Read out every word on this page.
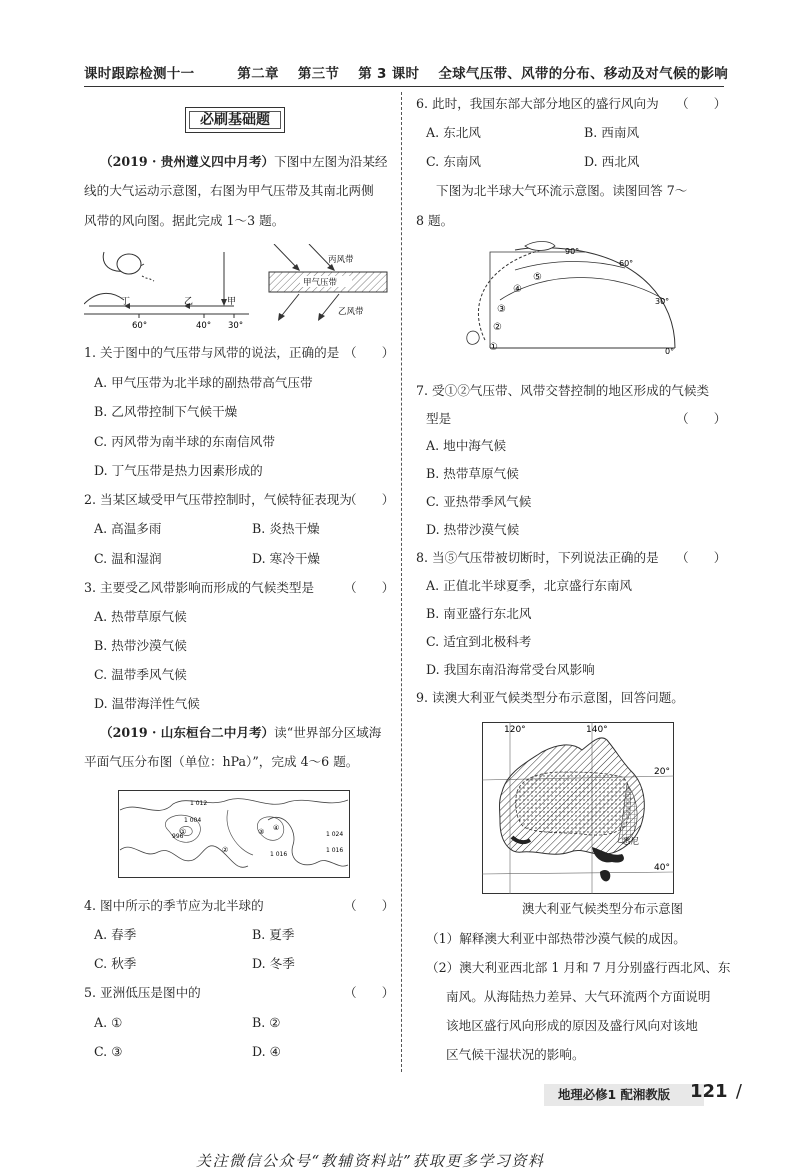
课时跟踪检测十一	第二章 第三节 第 3 课时 全球气压带、风带的分布、移动及对气候的影响
必刷基础题
（2019 · 贵州遵义四中月考）下图中左图为沿某经
线的大气运动示意图，右图为甲气压带及其南北两侧
风带的风向图。据此完成 1～3 题。
丁	乙	甲
60°	40° 30°
甲气压带
丙风带
乙风带
1. 关于图中的气压带与风带的说法，正确的是 （　　）
A. 甲气压带为北半球的副热带高气压带
B. 乙风带控制下气候干燥
C. 丙风带为南半球的东南信风带
D. 丁气压带是热力因素形成的
2. 当某区域受甲气压带控制时，气候特征表现为
（　　）
A. 高温多雨	B. 炎热干燥
C. 温和湿润	D. 寒冷干燥
3. 主要受乙风带影响而形成的气候类型是 （　　）
A. 热带草原气候
B. 热带沙漠气候
C. 温带季风气候
D. 温带海洋性气候
（2019 · 山东桓台二中月考）读“世界部分区域海
平面气压分布图（单位：hPa）”，完成 4～6 题。
1 012
1 004
996
1 016
1 024
1 016
①
②
③ ④
4. 图中所示的季节应为北半球的	（　　）
A. 春季	B. 夏季
C. 秋季	D. 冬季
5. 亚洲低压是图中的	（　　）
A. ①	B. ②
C. ③	D. ④
6. 此时，我国东部大部分地区的盛行风向为 （　　）
A. 东北风	B. 西南风
C. 东南风	D. 西北风
下图为北半球大气环流示意图。读图回答 7～
8 题。
90°
60°
30°
0°
⑤
④
③
②
①
7. 受①②气压带、风带交替控制的地区形成的气候类
型是	（　　）
A. 地中海气候
B. 热带草原气候
C. 亚热带季风气候
D. 热带沙漠气候
8. 当⑤气压带被切断时，下列说法正确的是 （　　）
A. 正值北半球夏季，北京盛行东南风
B. 南亚盛行东北风
C. 适宜到北极科考
D. 我国东南沿海常受台风影响
9. 读澳大利亚气候类型分布示意图，回答问题。
120°	140°
20°
40°
悉尼
澳大利亚气候类型分布示意图
（1）解释澳大利亚中部热带沙漠气候的成因。
（2）澳大利亚西北部 1 月和 7 月分别盛行西北风、东
南风。从海陆热力差异、大气环流两个方面说明
该地区盛行风向形成的原因及盛行风向对该地
区气候干湿状况的影响。
地理必修1 配湘教版	121 /
关注微信公众号“教辅资料站”获取更多学习资料
